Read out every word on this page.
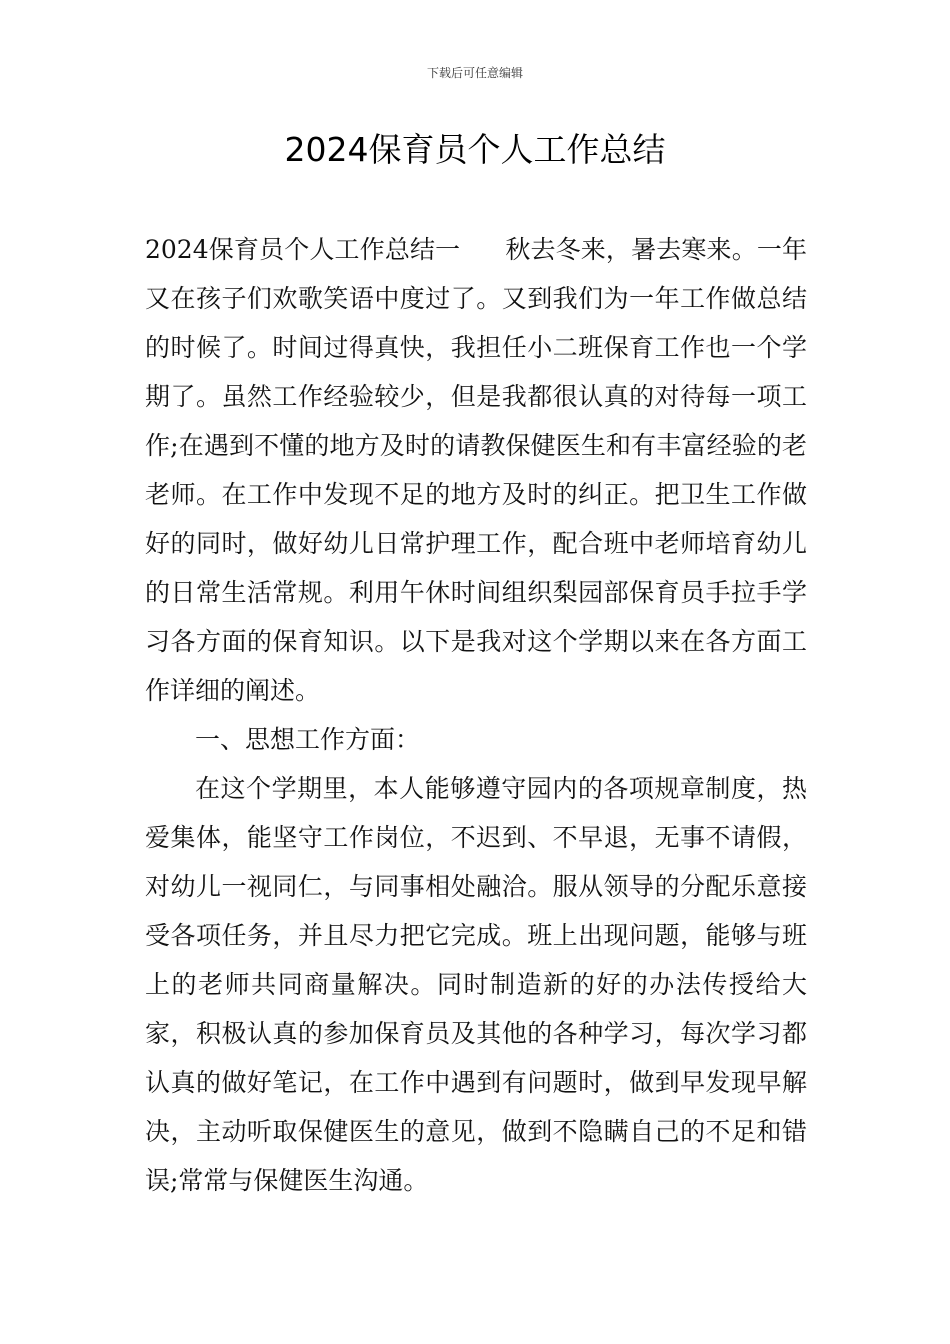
下载后可任意编辑
2024保育员个人工作总结

2024保育员个人工作总结一 秋去冬来，暑去寒来。一年又在孩子们欢歌笑语中度过了。又到我们为一年工作做总结的时候了。时间过得真快，我担任小二班保育工作也一个学期了。虽然工作经验较少，但是我都很认真的对待每一项工作;在遇到不懂的地方及时的请教保健医生和有丰富经验的老老师。在工作中发现不足的地方及时的纠正。把卫生工作做好的同时，做好幼儿日常护理工作，配合班中老师培育幼儿的日常生活常规。利用午休时间组织梨园部保育员手拉手学习各方面的保育知识。以下是我对这个学期以来在各方面工作详细的阐述。

一、思想工作方面：

在这个学期里，本人能够遵守园内的各项规章制度，热爱集体，能坚守工作岗位，不迟到、不早退，无事不请假，对幼儿一视同仁，与同事相处融洽。服从领导的分配乐意接受各项任务，并且尽力把它完成。班上出现问题，能够与班上的老师共同商量解决。同时制造新的好的办法传授给大家，积极认真的参加保育员及其他的各种学习，每次学习都认真的做好笔记，在工作中遇到有问题时，做到早发现早解决，主动听取保健医生的意见，做到不隐瞒自己的不足和错误;常常与保健医生沟通。
